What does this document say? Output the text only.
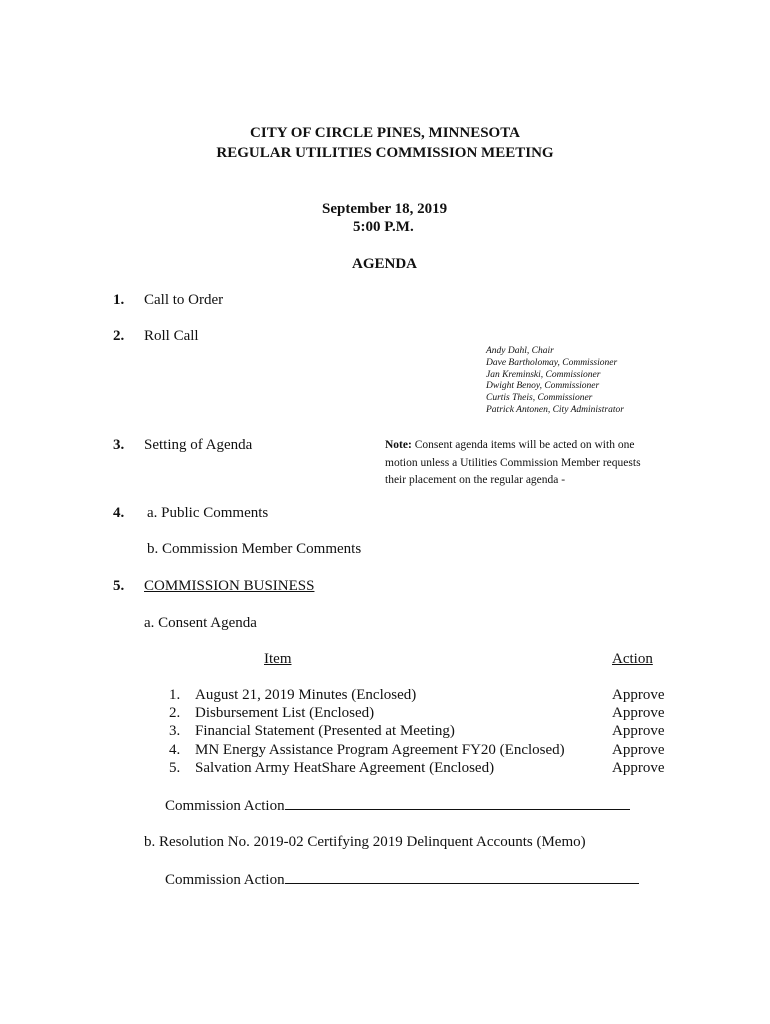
CITY OF CIRCLE PINES, MINNESOTA
REGULAR UTILITIES COMMISSION MEETING
September 18, 2019
5:00 P.M.
AGENDA
1. Call to Order
2. Roll Call
Andy Dahl, Chair
Dave Bartholomay, Commissioner
Jan Kreminski, Commissioner
Dwight Benoy, Commissioner
Curtis Theis, Commissioner
Patrick Antonen, City Administrator
3. Setting of Agenda	Note: Consent agenda items will be acted on with one motion unless a Utilities Commission Member requests their placement on the regular agenda -
4. a. Public Comments
b. Commission Member Comments
5. COMMISSION BUSINESS
a. Consent Agenda
Item	Action
1. August 21, 2019 Minutes (Enclosed)	Approve
2. Disbursement List (Enclosed)	Approve
3. Financial Statement (Presented at Meeting)	Approve
4. MN Energy Assistance Program Agreement FY20 (Enclosed)	Approve
5. Salvation Army HeatShare Agreement (Enclosed)	Approve
Commission Action
b. Resolution No. 2019-02 Certifying 2019 Delinquent Accounts (Memo)
Commission Action
